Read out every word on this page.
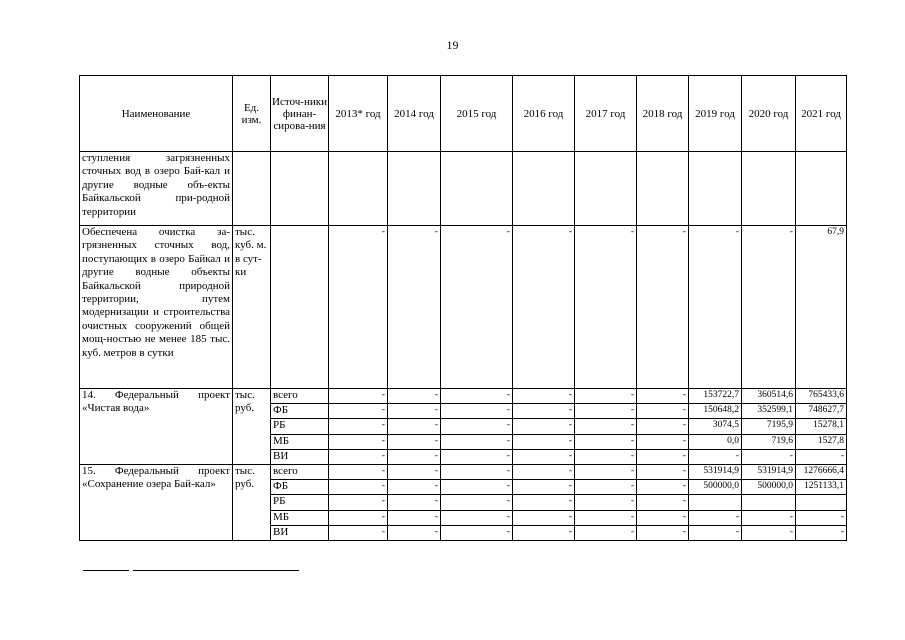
19
Наименование	Ед. изм.	Источ-ники финан-сирова-ния	2013* год	2014 год	2015 год	2016 год	2017 год	2018 год	2019 год	2020 год	2021 год
ступления загрязненных сточных вод в озеро Бай-кал и другие водные объ-екты Байкальской при-родной территории											
Обеспечена очистка за-грязненных сточных вод, поступающих в озеро Байкал и другие водные объекты Байкальской природной территории, путем модернизации и строительства очистных сооружений общей мощ-ностью не менее 185 тыс. куб. метров в сутки	тыс. куб. м. в сут-ки		-	-	-	-	-	-	-	-	67,9
14. Федеральный проект «Чистая вода»	тыс. руб.	всего	-	-	-	-	-	-	153722,7	360514,6	765433,6
		ФБ	-	-	-	-	-	-	150648,2	352599,1	748627,7
		РБ	-	-	-	-	-	-	3074,5	7195,9	15278,1
		МБ	-	-	-	-	-	-	0,0	719,6	1527,8
		ВИ	-	-	-	-	-	-	-	-	-
15. Федеральный проект «Сохранение озера Бай-кал»	тыс. руб.	всего	-	-	-	-	-	-	531914,9	531914,9	1276666,4
		ФБ	-	-	-	-	-	-	500000,0	500000,0	1251133,1
		РБ	-	-	-	-	-	-			
		МБ	-	-	-	-	-	-	-	-	-
		ВИ	-	-	-	-	-	-	-	-	-
